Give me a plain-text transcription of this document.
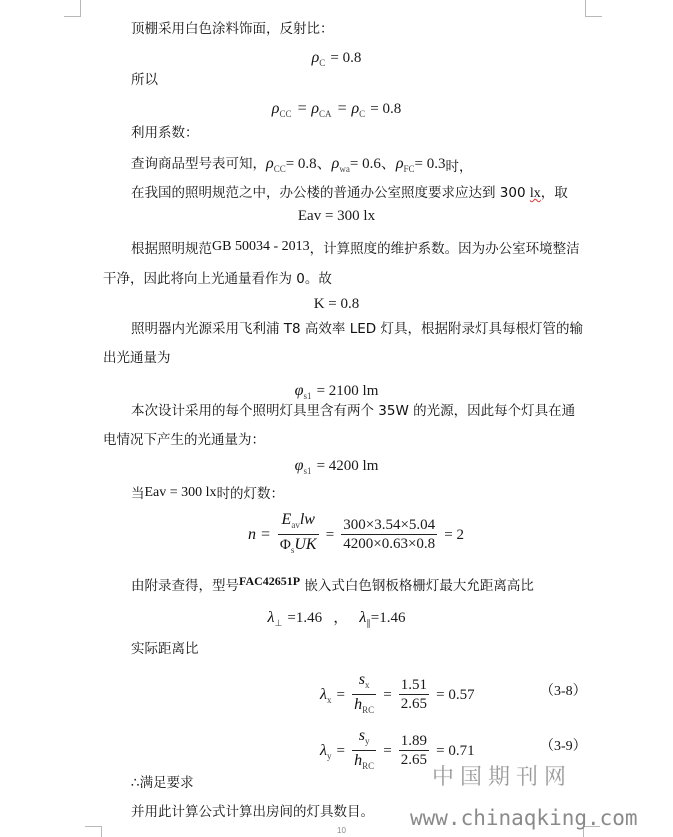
顶棚采用白色涂料饰面，反射比：
$\rho_C = 0.8$
所以
$\rho_{CC} = \rho_{CA} = \rho_C = 0.8$
利用系数：
查询商品型号表可知，$\rho_{CC}= 0.8$、$\rho_{wa}= 0.6$、$\rho_{FC}= 0.3$时，
在我国的照明规范之中，办公楼的普通办公室照度要求应达到 300 lx，取
Eav = 300 lx
根据照明规范GB 50034 - 2013，计算照度的维护系数。因为办公室环境整洁
干净，因此将向上光通量看作为 0。故
K = 0.8
照明器内光源采用飞利浦 T8 高效率 LED 灯具，根据附录灯具每根灯管的输
出光通量为
$\varphi_{s1} = 2100$ lm
本次设计采用的每个照明灯具里含有两个 35W 的光源，因此每个灯具在通
电情况下产生的光通量为：
$\varphi_{s1} = 4200$ lm
当Eav = 300 lx时的灯数：
$n = \frac{E_{av}lw}{\Phi_sUK} = \frac{300\times 3.54\times 5.04}{4200\times 0.63\times 0.8} = 2$
由附录查得，型号FAC42651P 嵌入式白色钢板格栅灯最大允距离高比
$\lambda_\perp =1.46$ ， $\lambda_\parallel=1.46$
实际距离比
$\lambda_x = \frac{s_x}{h_{RC}} = \frac{1.51}{2.65} = 0.57$	（3-8）
$\lambda_y = \frac{s_y}{h_{RC}} = \frac{1.89}{2.65} = 0.71$	（3-9）
∴满足要求
并用此计算公式计算出房间的灯具数目。
10
中国期刊网
www.chinaqking.com
